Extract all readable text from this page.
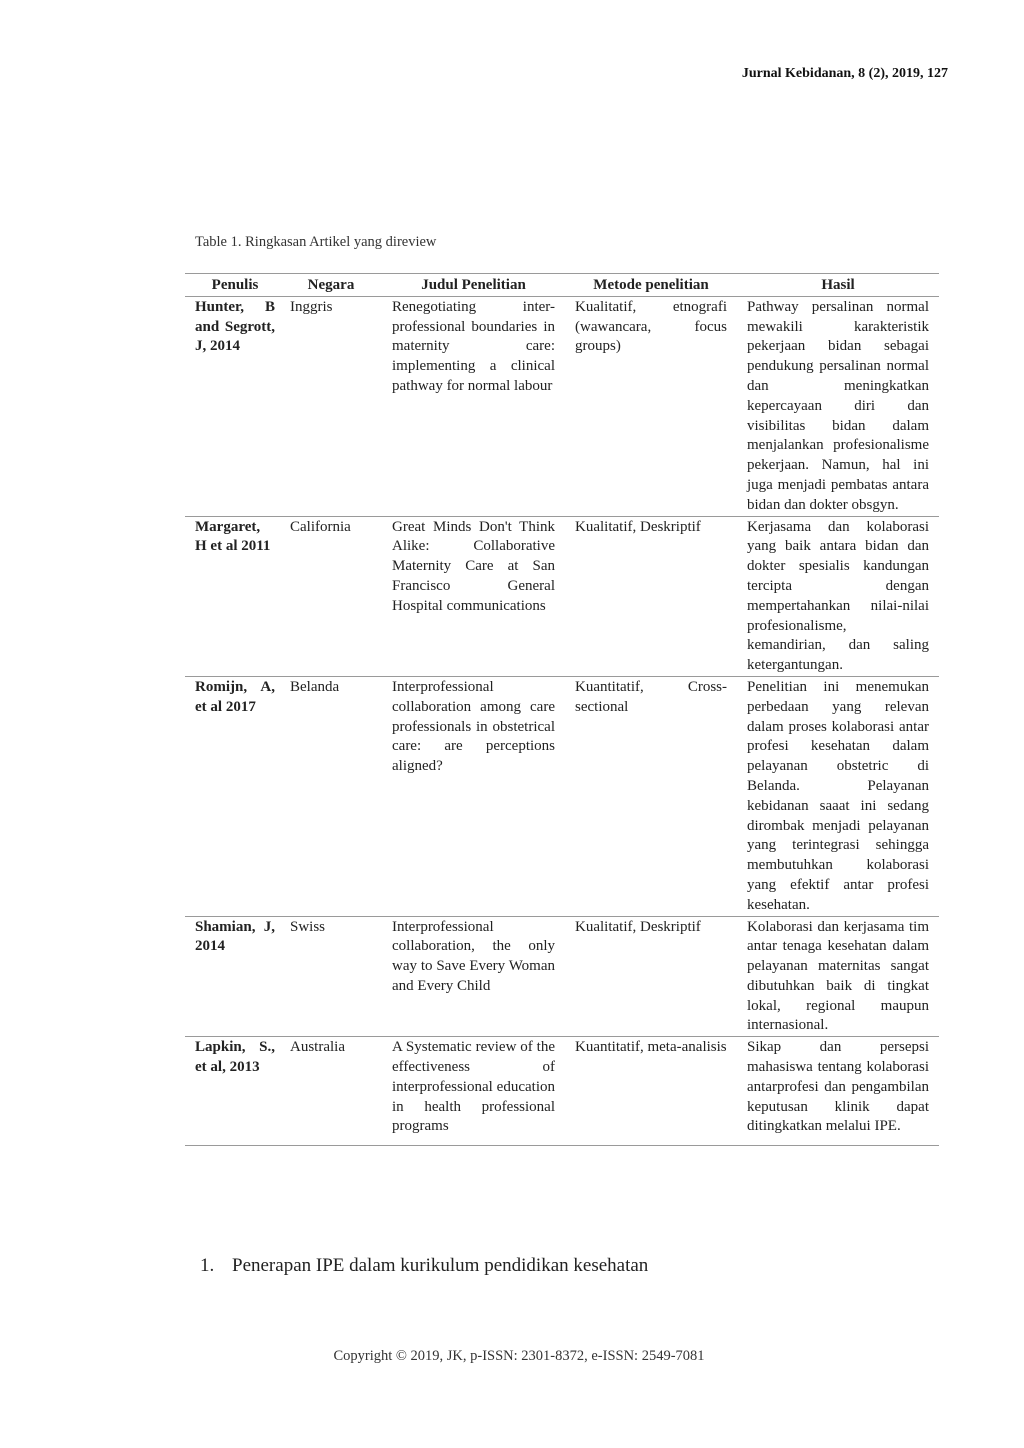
Jurnal Kebidanan, 8 (2), 2019, 127
Table 1. Ringkasan Artikel yang direview
Penulis	Negara	Judul Penelitian	Metode penelitian	Hasil
Hunter, B and Segrott, J, 2014	Inggris	Renegotiating inter-professional boundaries in maternity care: implementing a clinical pathway for normal labour	Kualitatif, etnografi (wawancara, focus groups)	Pathway persalinan normal mewakili karakteristik pekerjaan bidan sebagai pendukung persalinan normal dan meningkatkan kepercayaan diri dan visibilitas bidan dalam menjalankan profesionalisme pekerjaan. Namun, hal ini juga menjadi pembatas antara bidan dan dokter obsgyn.
Margaret, H et al 2011	California	Great Minds Don't Think Alike: Collaborative Maternity Care at San Francisco General Hospital communications	Kualitatif, Deskriptif	Kerjasama dan kolaborasi yang baik antara bidan dan dokter spesialis kandungan tercipta dengan mempertahankan nilai-nilai profesionalisme, kemandirian, dan saling ketergantungan.
Romijn, A, et al 2017	Belanda	Interprofessional collaboration among care professionals in obstetrical care: are perceptions aligned?	Kuantitatif, Cross-sectional	Penelitian ini menemukan perbedaan yang relevan dalam proses kolaborasi antar profesi kesehatan dalam pelayanan obstetric di Belanda. Pelayanan kebidanan saaat ini sedang dirombak menjadi pelayanan yang terintegrasi sehingga membutuhkan kolaborasi yang efektif antar profesi kesehatan.
Shamian, J, 2014	Swiss	Interprofessional collaboration, the only way to Save Every Woman and Every Child	Kualitatif, Deskriptif	Kolaborasi dan kerjasama tim antar tenaga kesehatan dalam pelayanan maternitas sangat dibutuhkan baik di tingkat lokal, regional maupun internasional.
Lapkin, S., et al, 2013	Australia	A Systematic review of the effectiveness of interprofessional education in health professional programs	Kuantitatif, meta-analisis	Sikap dan persepsi mahasiswa tentang kolaborasi antarprofesi dan pengambilan keputusan klinik dapat ditingkatkan melalui IPE.
1. Penerapan IPE dalam kurikulum pendidikan kesehatan
Copyright © 2019, JK, p-ISSN: 2301-8372, e-ISSN: 2549-7081
